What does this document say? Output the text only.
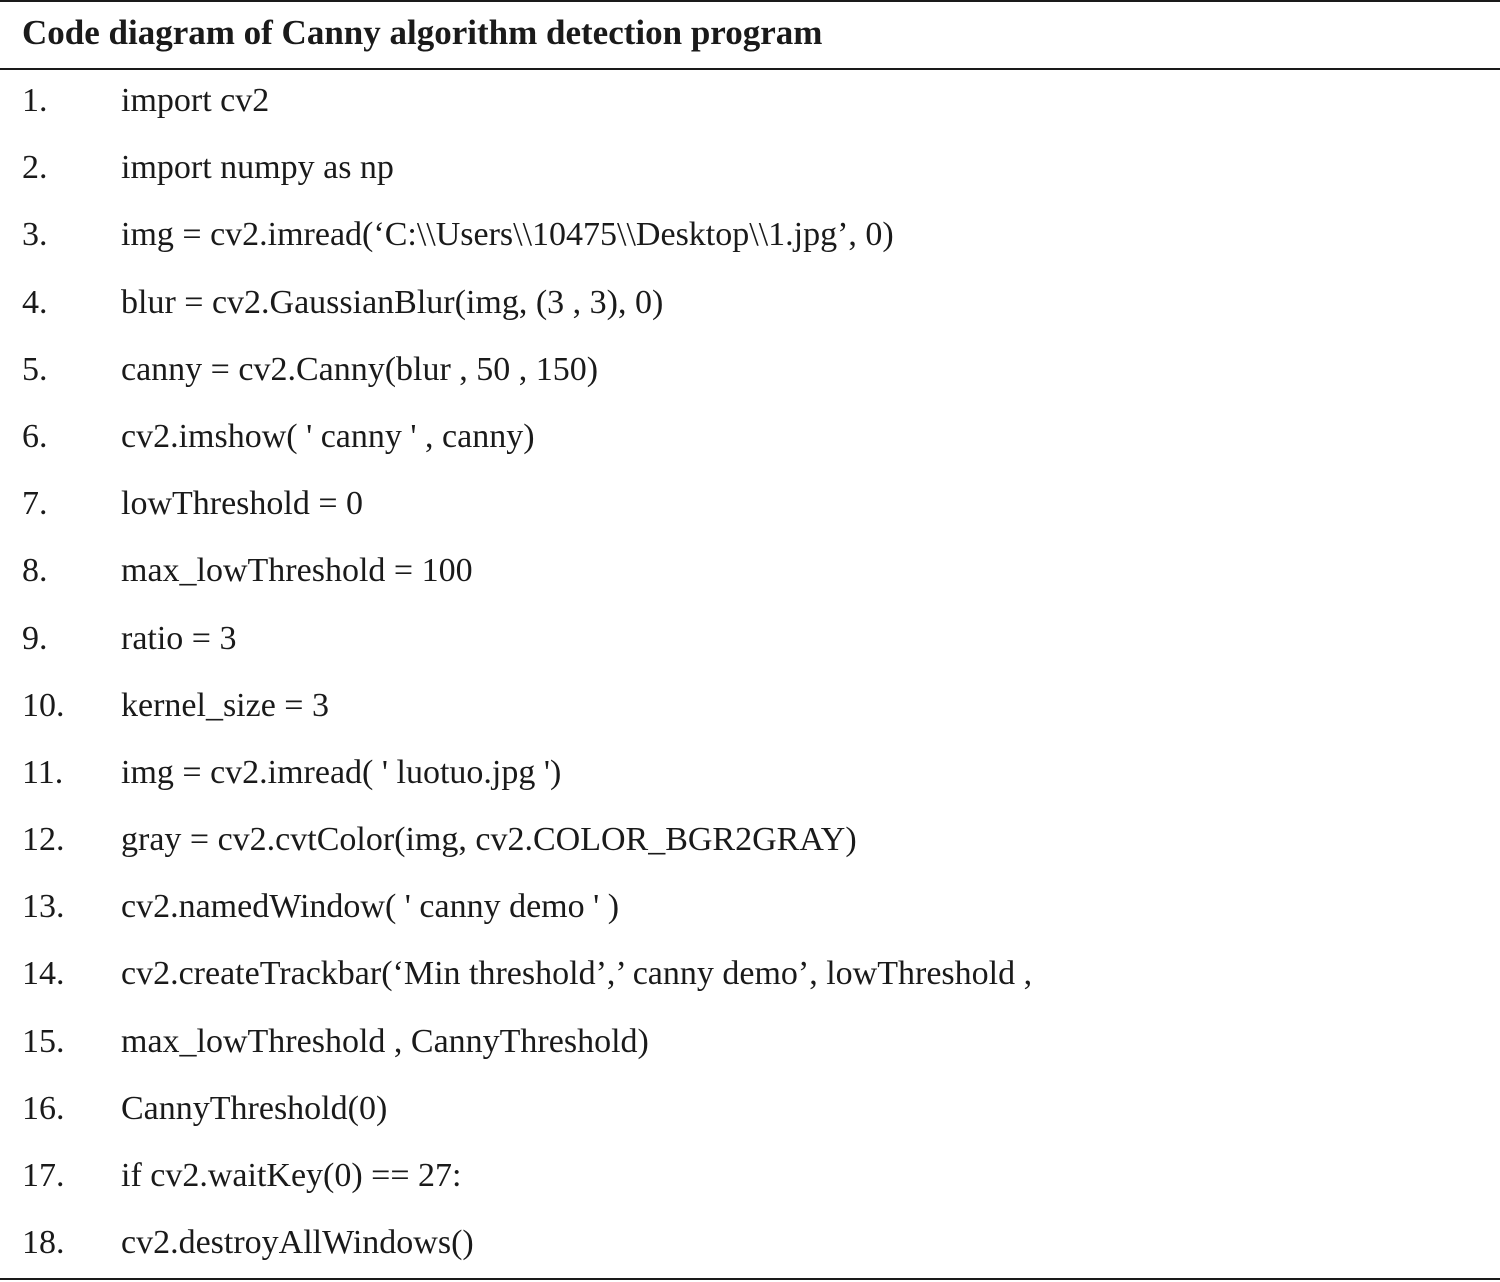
Code diagram of Canny algorithm detection program
1. import cv2
2. import numpy as np
3. img = cv2.imread(‘C:\\Users\\10475\\Desktop\\1.jpg’, 0)
4. blur = cv2.GaussianBlur(img, (3 , 3), 0)
5. canny = cv2.Canny(blur , 50 , 150)
6. cv2.imshow( ' canny ' , canny)
7. lowThreshold = 0
8. max_lowThreshold = 100
9. ratio = 3
10. kernel_size = 3
11. img = cv2.imread( ' luotuo.jpg ')
12. gray = cv2.cvtColor(img, cv2.COLOR_BGR2GRAY)
13. cv2.namedWindow( ' canny demo ' )
14. cv2.createTrackbar(‘Min threshold’,’ canny demo’, lowThreshold ,
15. max_lowThreshold , CannyThreshold)
16. CannyThreshold(0)
17. if cv2.waitKey(0) == 27:
18. cv2.destroyAllWindows()
